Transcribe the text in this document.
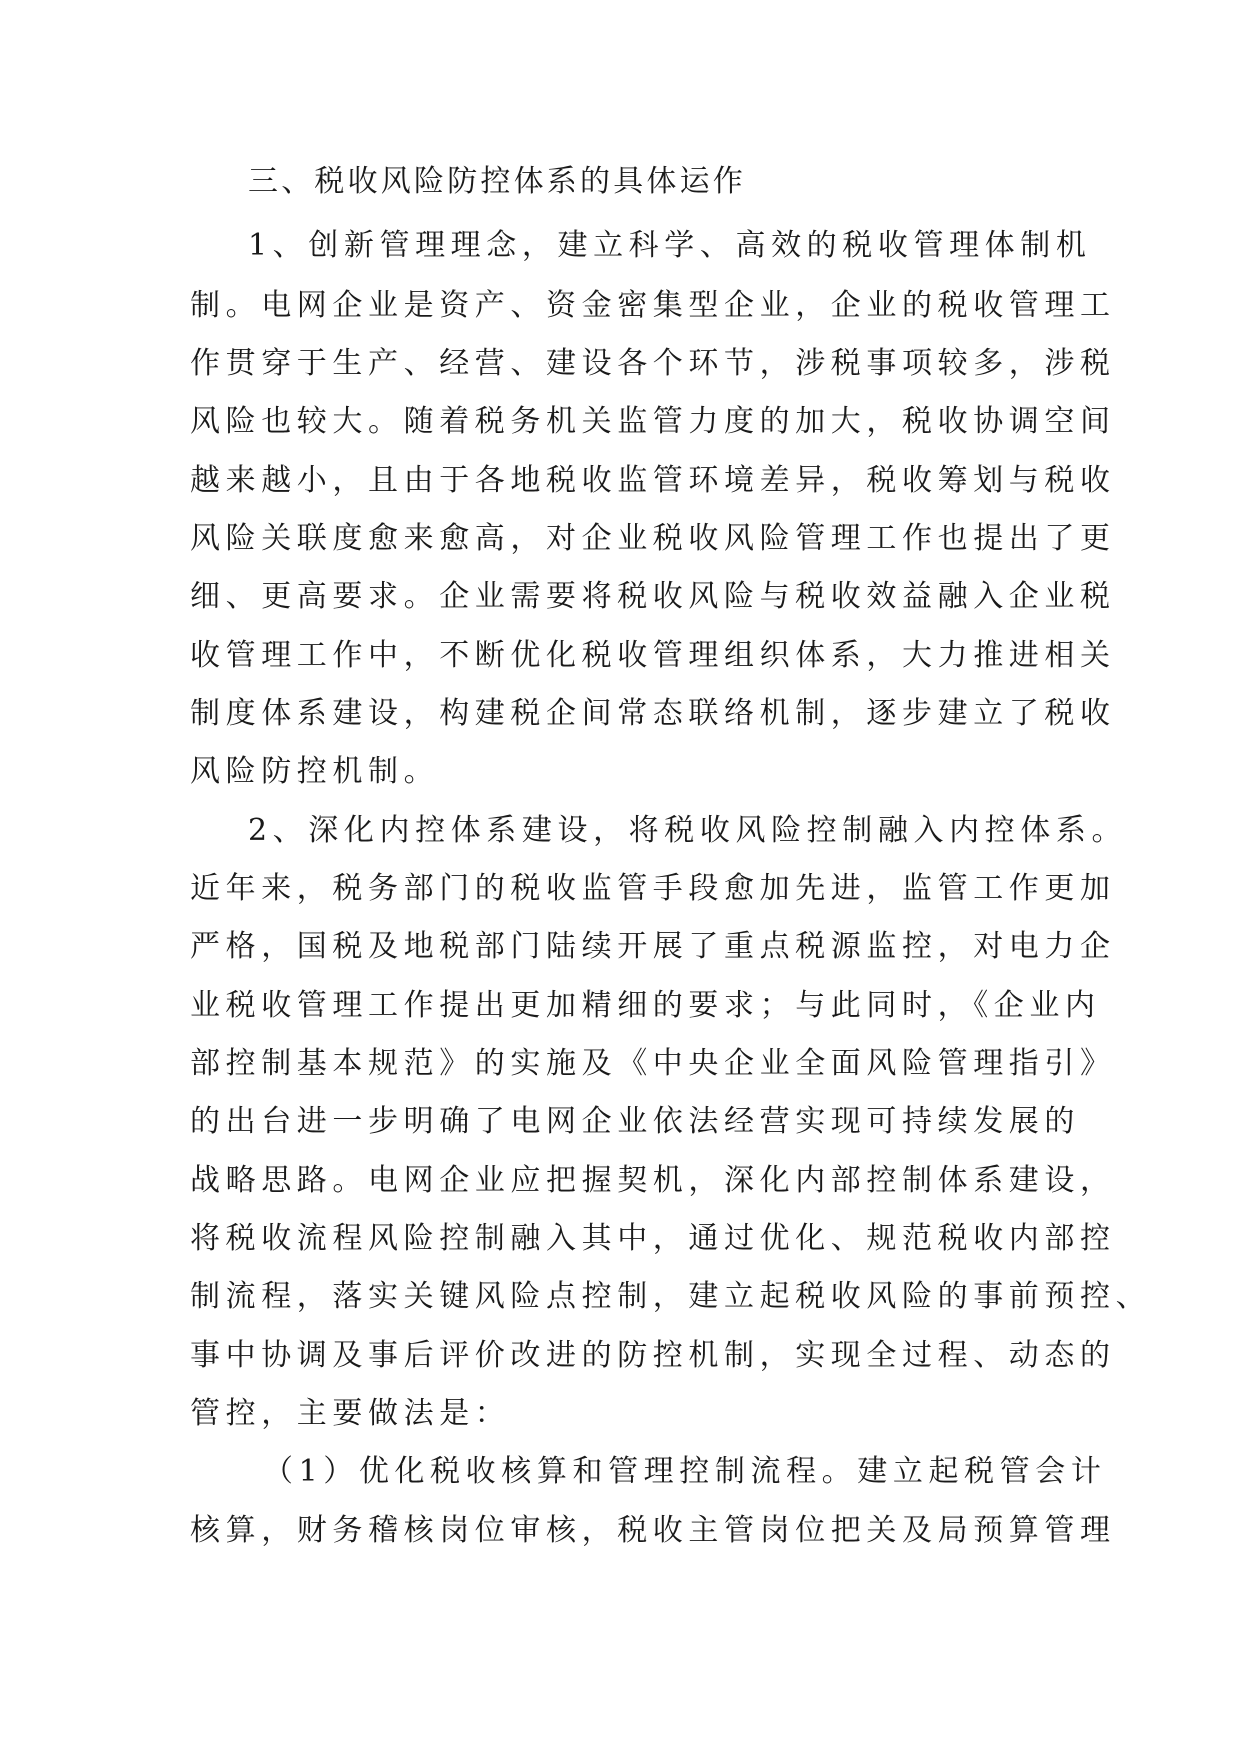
三、税收风险防控体系的具体运作
1、创新管理理念，建立科学、高效的税收管理体制机
制。电网企业是资产、资金密集型企业，企业的税收管理工
作贯穿于生产、经营、建设各个环节，涉税事项较多，涉税
风险也较大。随着税务机关监管力度的加大，税收协调空间
越来越小，且由于各地税收监管环境差异，税收筹划与税收
风险关联度愈来愈高，对企业税收风险管理工作也提出了更
细、更高要求。企业需要将税收风险与税收效益融入企业税
收管理工作中，不断优化税收管理组织体系，大力推进相关
制度体系建设，构建税企间常态联络机制，逐步建立了税收
风险防控机制。
2、深化内控体系建设，将税收风险控制融入内控体系。
近年来，税务部门的税收监管手段愈加先进，监管工作更加
严格，国税及地税部门陆续开展了重点税源监控，对电力企
业税收管理工作提出更加精细的要求；与此同时，《企业内
部控制基本规范》的实施及《中央企业全面风险管理指引》
的出台进一步明确了电网企业依法经营实现可持续发展的
战略思路。电网企业应把握契机，深化内部控制体系建设，
将税收流程风险控制融入其中，通过优化、规范税收内部控
制流程，落实关键风险点控制，建立起税收风险的事前预控、
事中协调及事后评价改进的防控机制，实现全过程、动态的
管控，主要做法是：
（1）优化税收核算和管理控制流程。建立起税管会计
核算，财务稽核岗位审核，税收主管岗位把关及局预算管理
